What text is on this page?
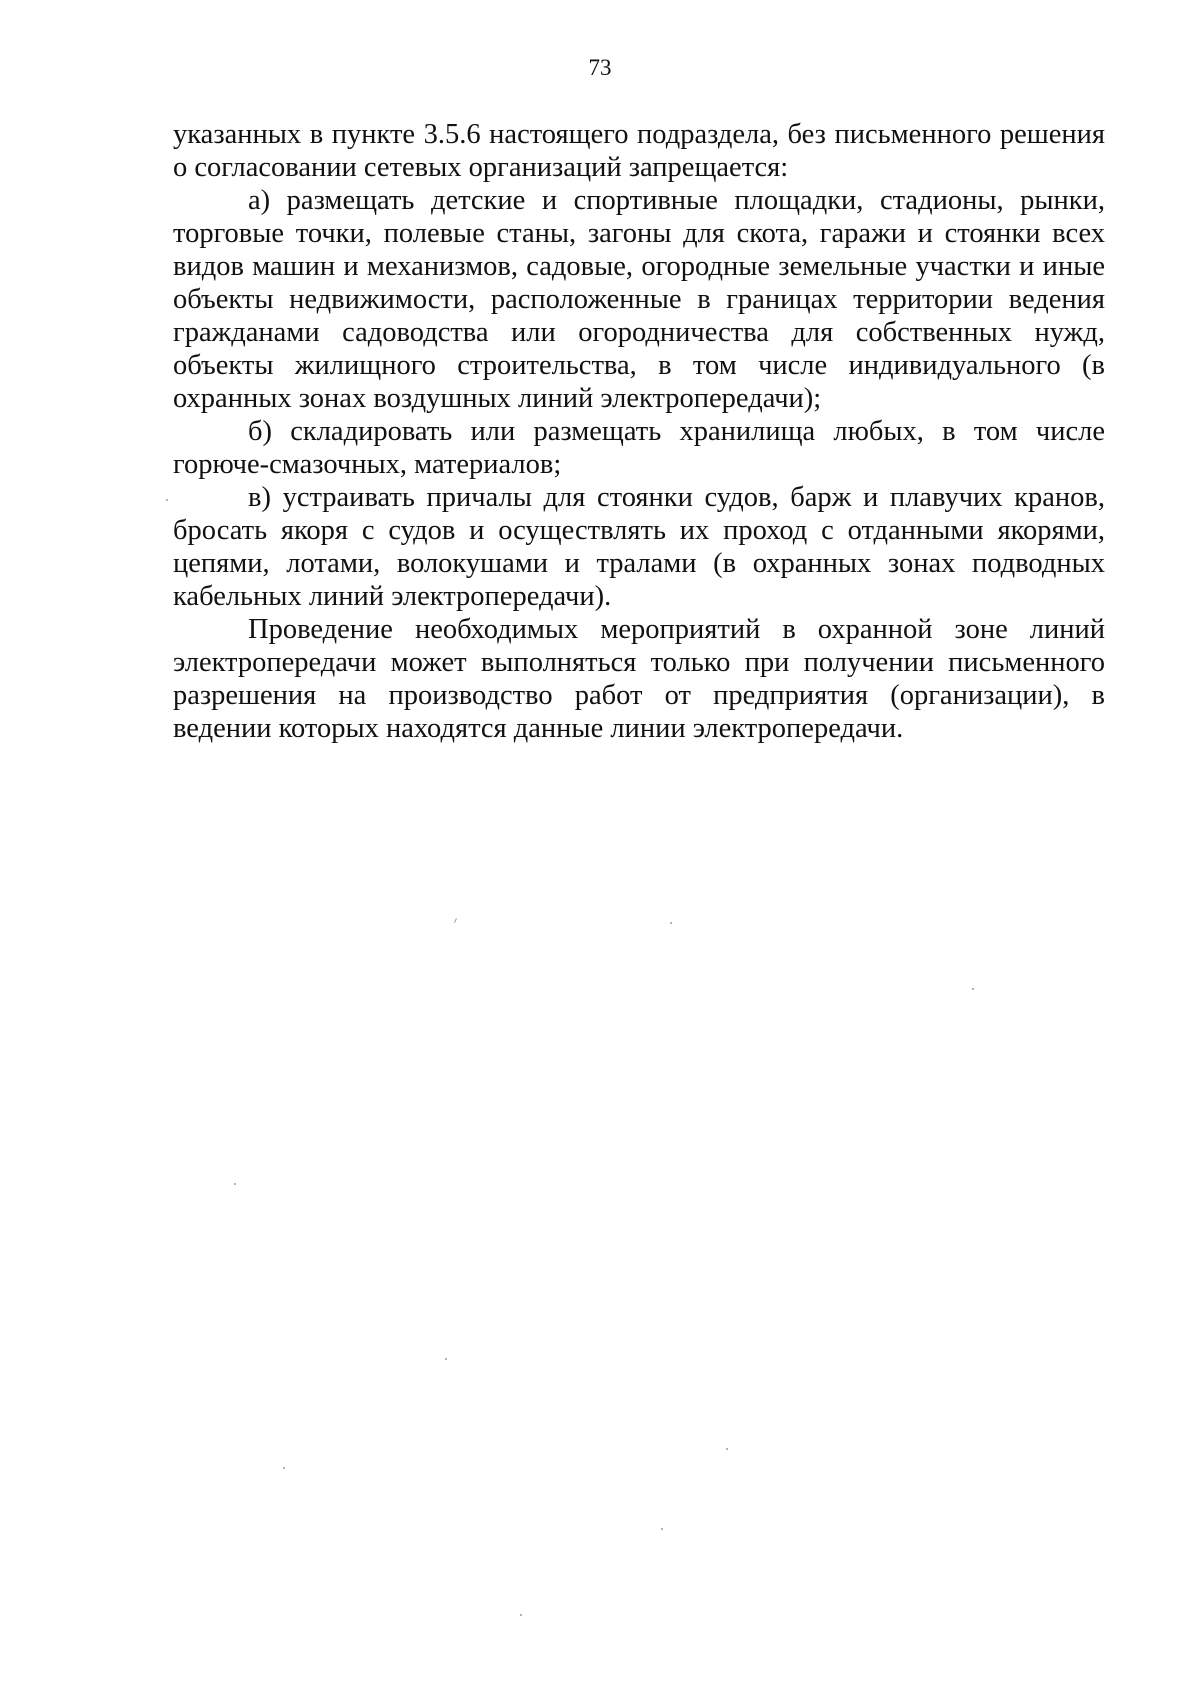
73

указанных в пункте 3.5.6 настоящего подраздела, без письменного решения о согласовании сетевых организаций запрещается:

а) размещать детские и спортивные площадки, стадионы, рынки, торговые точки, полевые станы, загоны для скота, гаражи и стоянки всех видов машин и механизмов, садовые, огородные земельные участки и иные объекты недвижимости, расположенные в границах территории ведения гражданами садоводства или огородничества для собственных нужд, объекты жилищного строительства, в том числе индивидуального (в охранных зонах воздушных линий электропередачи);

б) складировать или размещать хранилища любых, в том числе горюче-смазочных, материалов;

в) устраивать причалы для стоянки судов, барж и плавучих кранов, бросать якоря с судов и осуществлять их проход с отданными якорями, цепями, лотами, волокушами и тралами (в охранных зонах подводных кабельных линий электропередачи).

Проведение необходимых мероприятий в охранной зоне линий электропередачи может выполняться только при получении письменного разрешения на производство работ от предприятия (организации), в ведении которых находятся данные линии электропередачи.
